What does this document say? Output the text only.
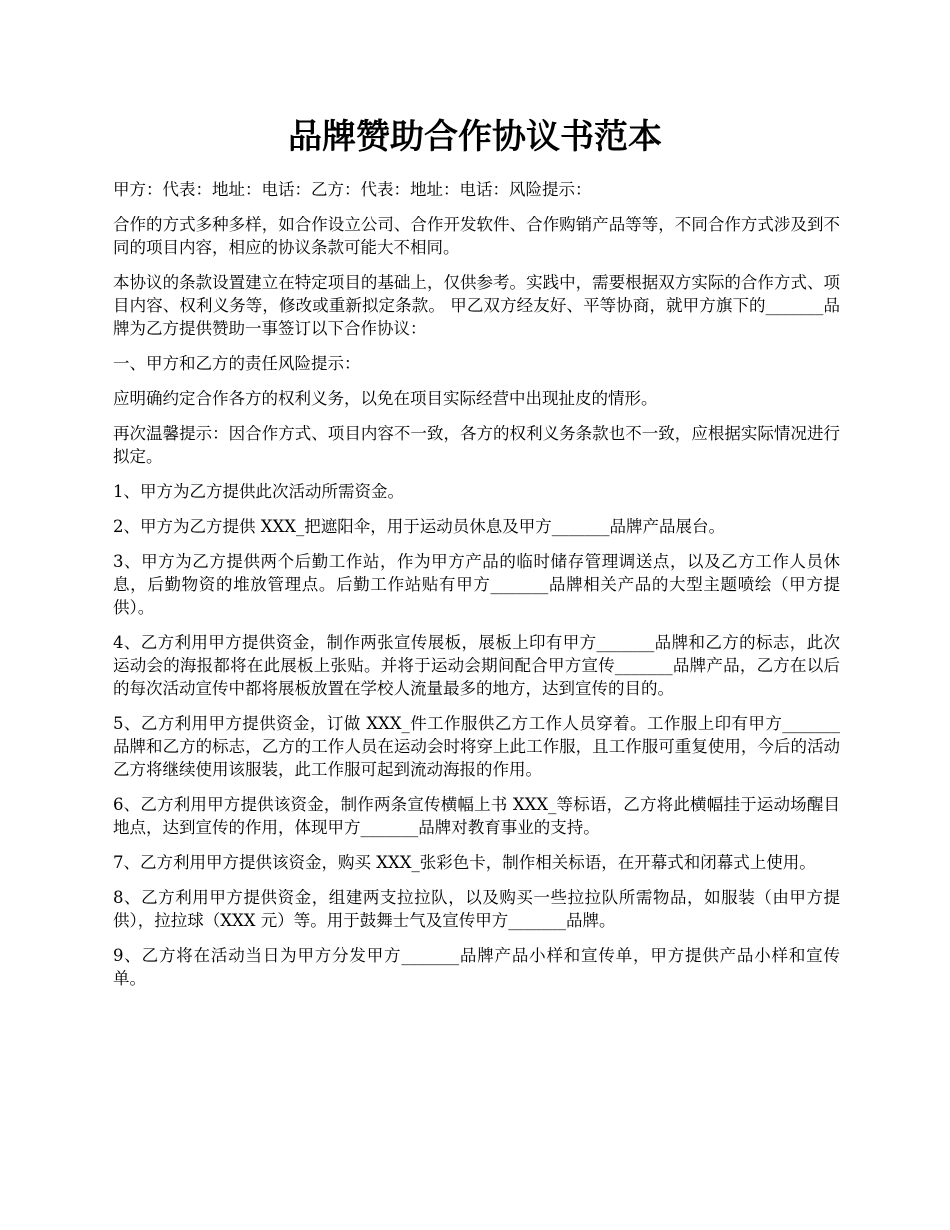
品牌赞助合作协议书范本

甲方：代表：地址：电话：乙方：代表：地址：电话：风险提示：

合作的方式多种多样，如合作设立公司、合作开发软件、合作购销产品等等，不同合作方式涉及到不同的项目内容，相应的协议条款可能大不相同。

本协议的条款设置建立在特定项目的基础上，仅供参考。实践中，需要根据双方实际的合作方式、项目内容、权利义务等，修改或重新拟定条款。 甲乙双方经友好、平等协商，就甲方旗下的_______品牌为乙方提供赞助一事签订以下合作协议：

一、甲方和乙方的责任风险提示：

应明确约定合作各方的权利义务，以免在项目实际经营中出现扯皮的情形。

再次温馨提示：因合作方式、项目内容不一致，各方的权利义务条款也不一致，应根据实际情况进行拟定。

1、甲方为乙方提供此次活动所需资金。

2、甲方为乙方提供 XXX_把遮阳伞，用于运动员休息及甲方_______品牌产品展台。

3、甲方为乙方提供两个后勤工作站，作为甲方产品的临时储存管理调送点，以及乙方工作人员休息，后勤物资的堆放管理点。后勤工作站贴有甲方_______品牌相关产品的大型主题喷绘（甲方提供）。

4、乙方利用甲方提供资金，制作两张宣传展板，展板上印有甲方_______品牌和乙方的标志，此次运动会的海报都将在此展板上张贴。并将于运动会期间配合甲方宣传_______品牌产品，乙方在以后的每次活动宣传中都将展板放置在学校人流量最多的地方，达到宣传的目的。

5、乙方利用甲方提供资金，订做 XXX_件工作服供乙方工作人员穿着。工作服上印有甲方_______品牌和乙方的标志，乙方的工作人员在运动会时将穿上此工作服，且工作服可重复使用，今后的活动乙方将继续使用该服装，此工作服可起到流动海报的作用。

6、乙方利用甲方提供该资金，制作两条宣传横幅上书 XXX_等标语，乙方将此横幅挂于运动场醒目地点，达到宣传的作用，体现甲方_______品牌对教育事业的支持。

7、乙方利用甲方提供该资金，购买 XXX_张彩色卡，制作相关标语，在开幕式和闭幕式上使用。

8、乙方利用甲方提供资金，组建两支拉拉队，以及购买一些拉拉队所需物品，如服装（由甲方提供），拉拉球（XXX 元）等。用于鼓舞士气及宣传甲方_______品牌。

9、乙方将在活动当日为甲方分发甲方_______品牌产品小样和宣传单，甲方提供产品小样和宣传单。
